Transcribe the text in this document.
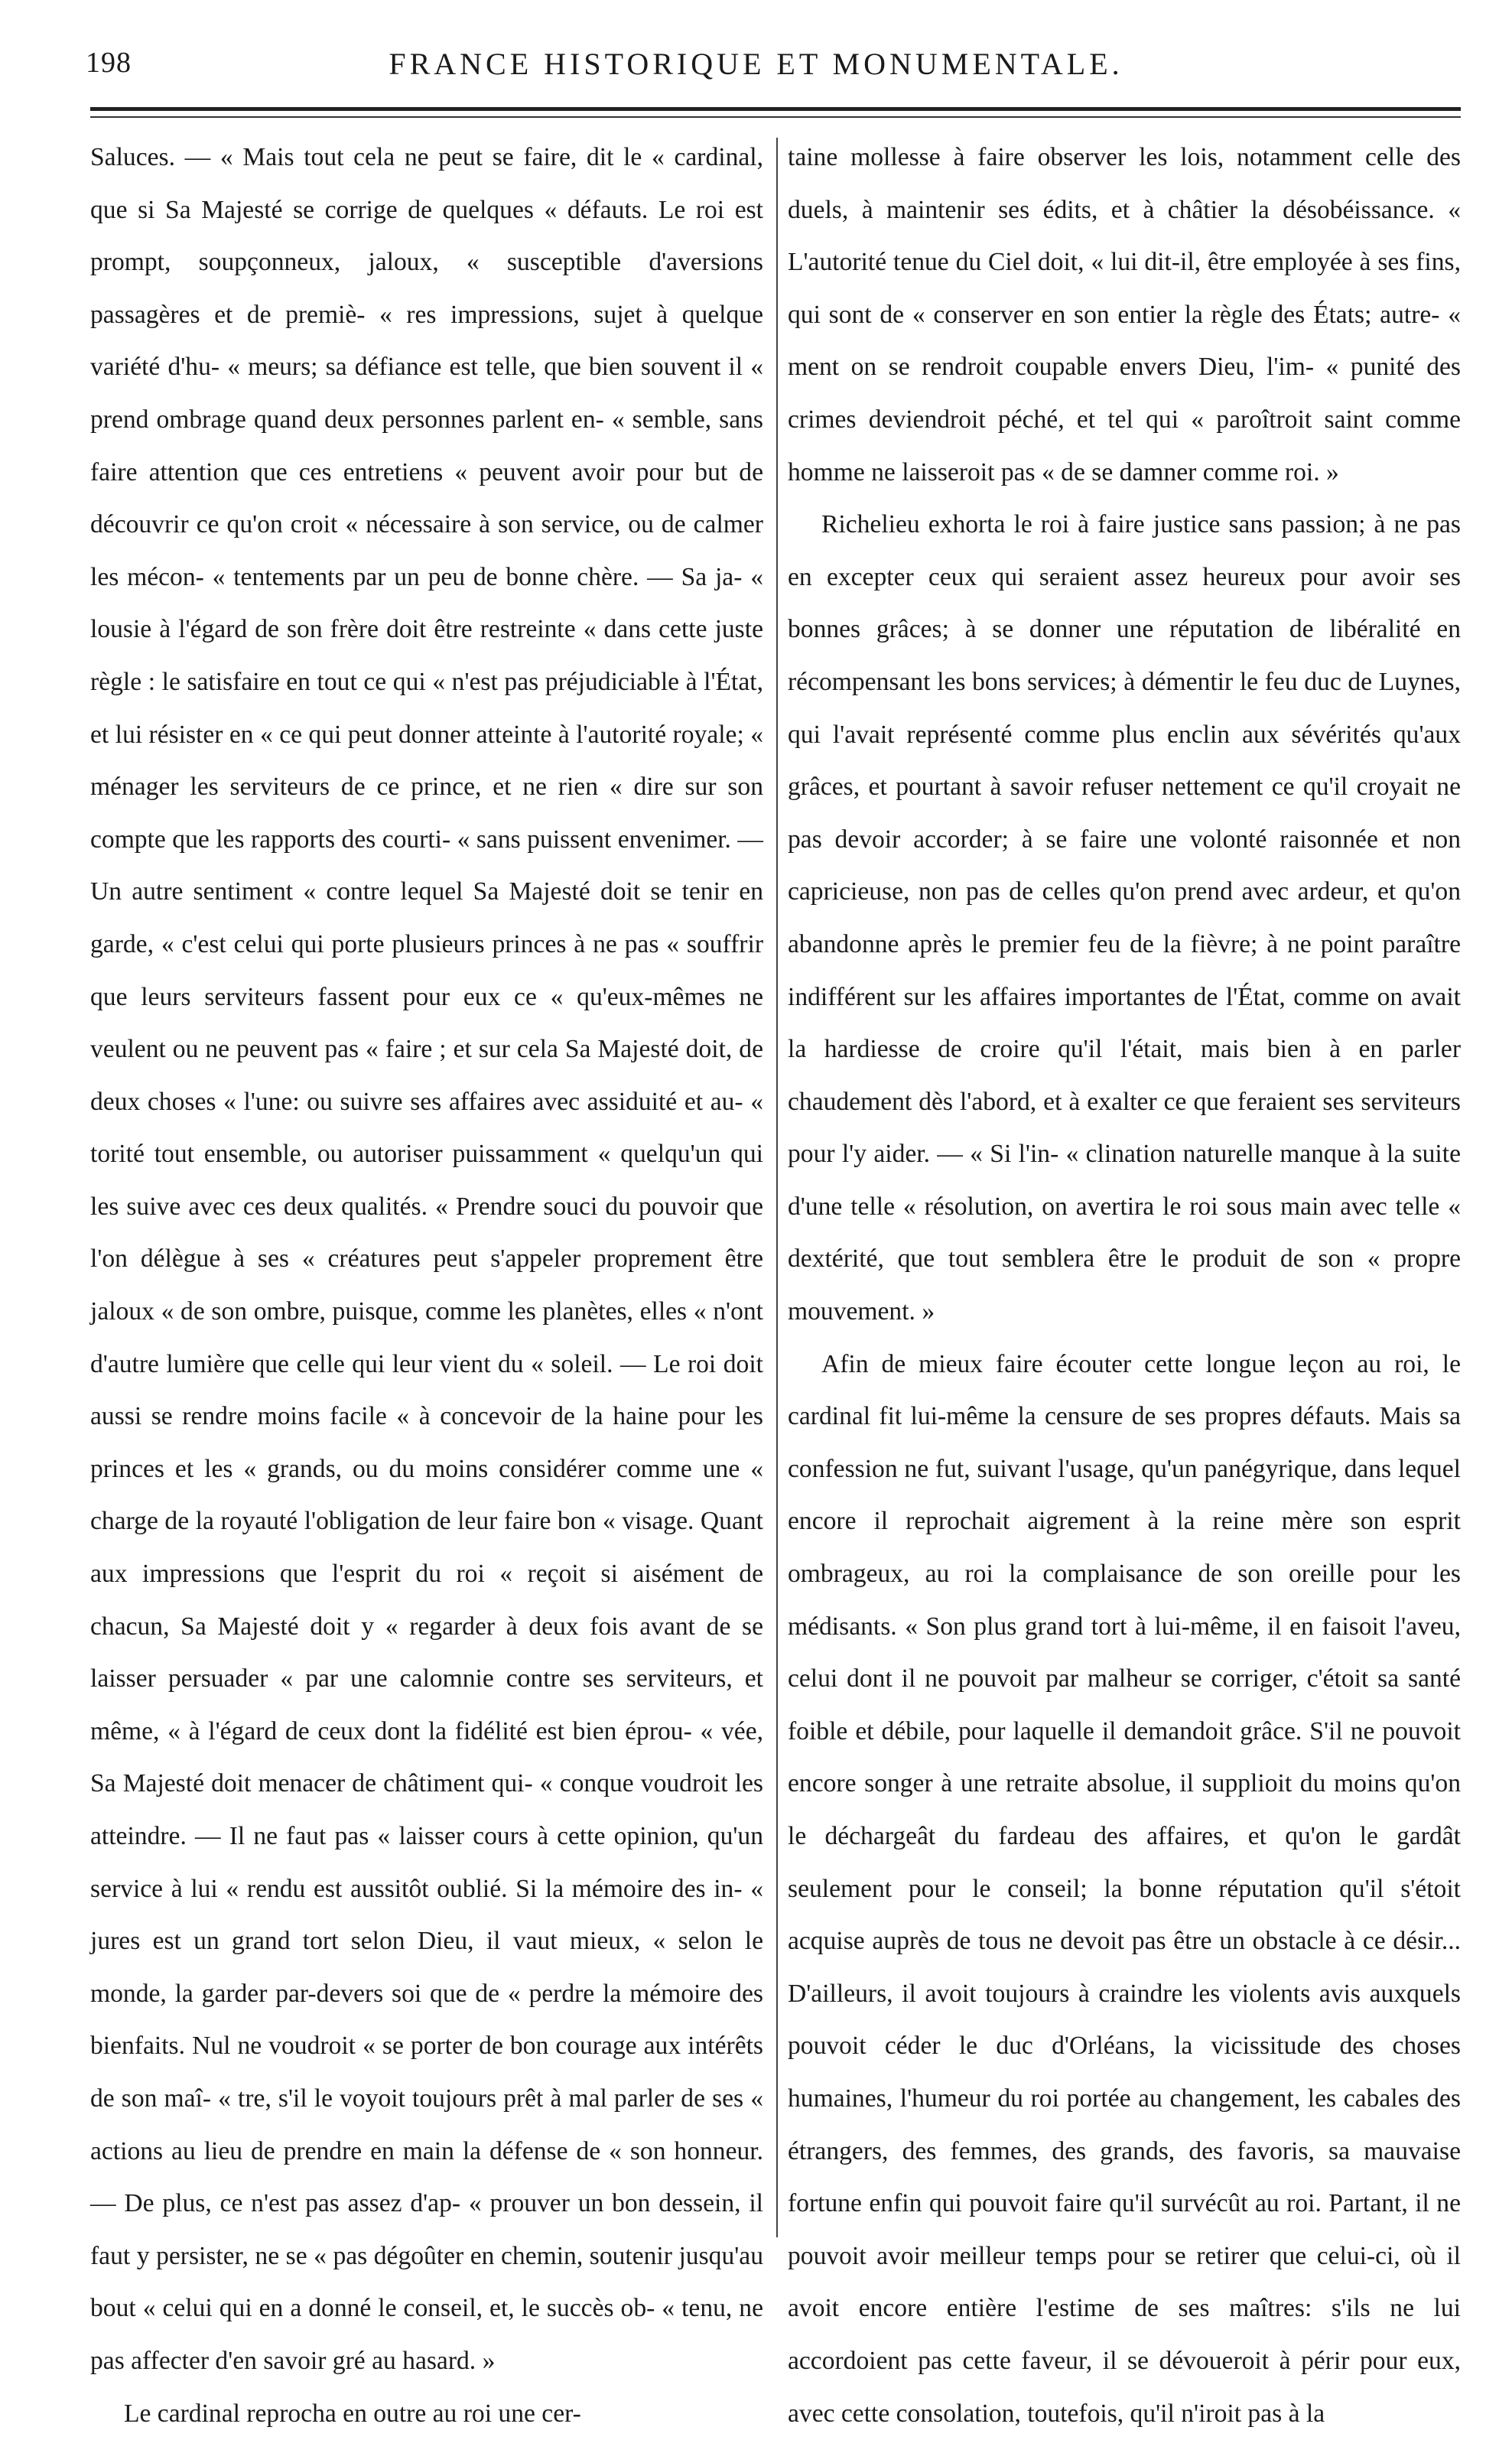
198	FRANCE HISTORIQUE ET MONUMENTALE.

Saluces. — « Mais tout cela ne peut se faire, dit le « cardinal, que si Sa Majesté se corrige de quelques « défauts. Le roi est prompt, soupçonneux, jaloux, « susceptible d'aversions passagères et de premiè- « res impressions, sujet à quelque variété d'hu- « meurs; sa défiance est telle, que bien souvent il « prend ombrage quand deux personnes parlent en- « semble, sans faire attention que ces entretiens « peuvent avoir pour but de découvrir ce qu'on croit « nécessaire à son service, ou de calmer les mécon- « tentements par un peu de bonne chère. — Sa ja- « lousie à l'égard de son frère doit être restreinte « dans cette juste règle : le satisfaire en tout ce qui « n'est pas préjudiciable à l'État, et lui résister en « ce qui peut donner atteinte à l'autorité royale; « ménager les serviteurs de ce prince, et ne rien « dire sur son compte que les rapports des courti- « sans puissent envenimer. — Un autre sentiment « contre lequel Sa Majesté doit se tenir en garde, « c'est celui qui porte plusieurs princes à ne pas « souffrir que leurs serviteurs fassent pour eux ce « qu'eux-mêmes ne veulent ou ne peuvent pas « faire ; et sur cela Sa Majesté doit, de deux choses « l'une: ou suivre ses affaires avec assiduité et au- « torité tout ensemble, ou autoriser puissamment « quelqu'un qui les suive avec ces deux qualités. « Prendre souci du pouvoir que l'on délègue à ses « créatures peut s'appeler proprement être jaloux « de son ombre, puisque, comme les planètes, elles « n'ont d'autre lumière que celle qui leur vient du « soleil. — Le roi doit aussi se rendre moins facile « à concevoir de la haine pour les princes et les « grands, ou du moins considérer comme une « charge de la royauté l'obligation de leur faire bon « visage. Quant aux impressions que l'esprit du roi « reçoit si aisément de chacun, Sa Majesté doit y « regarder à deux fois avant de se laisser persuader « par une calomnie contre ses serviteurs, et même, « à l'égard de ceux dont la fidélité est bien éprou- « vée, Sa Majesté doit menacer de châtiment qui- « conque voudroit les atteindre. — Il ne faut pas « laisser cours à cette opinion, qu'un service à lui « rendu est aussitôt oublié. Si la mémoire des in- « jures est un grand tort selon Dieu, il vaut mieux, « selon le monde, la garder par-devers soi que de « perdre la mémoire des bienfaits. Nul ne voudroit « se porter de bon courage aux intérêts de son maî- « tre, s'il le voyoit toujours prêt à mal parler de ses « actions au lieu de prendre en main la défense de « son honneur. — De plus, ce n'est pas assez d'ap- « prouver un bon dessein, il faut y persister, ne se « pas dégoûter en chemin, soutenir jusqu'au bout « celui qui en a donné le conseil, et, le succès ob- « tenu, ne pas affecter d'en savoir gré au hasard. »

Le cardinal reprocha en outre au roi une cer-

taine mollesse à faire observer les lois, notamment celle des duels, à maintenir ses édits, et à châtier la désobéissance. « L'autorité tenue du Ciel doit, « lui dit-il, être employée à ses fins, qui sont de « conserver en son entier la règle des États; autre- « ment on se rendroit coupable envers Dieu, l'im- « punité des crimes deviendroit péché, et tel qui « paroîtroit saint comme homme ne laisseroit pas « de se damner comme roi. »

Richelieu exhorta le roi à faire justice sans passion; à ne pas en excepter ceux qui seraient assez heureux pour avoir ses bonnes grâces; à se donner une réputation de libéralité en récompensant les bons services; à démentir le feu duc de Luynes, qui l'avait représenté comme plus enclin aux sévérités qu'aux grâces, et pourtant à savoir refuser nettement ce qu'il croyait ne pas devoir accorder; à se faire une volonté raisonnée et non capricieuse, non pas de celles qu'on prend avec ardeur, et qu'on abandonne après le premier feu de la fièvre; à ne point paraître indifférent sur les affaires importantes de l'État, comme on avait la hardiesse de croire qu'il l'était, mais bien à en parler chaudement dès l'abord, et à exalter ce que feraient ses serviteurs pour l'y aider. — « Si l'in- « clination naturelle manque à la suite d'une telle « résolution, on avertira le roi sous main avec telle « dextérité, que tout semblera être le produit de son « propre mouvement. »

Afin de mieux faire écouter cette longue leçon au roi, le cardinal fit lui-même la censure de ses propres défauts. Mais sa confession ne fut, suivant l'usage, qu'un panégyrique, dans lequel encore il reprochait aigrement à la reine mère son esprit ombrageux, au roi la complaisance de son oreille pour les médisants. « Son plus grand tort à lui-même, il en faisoit l'aveu, celui dont il ne pouvoit par malheur se corriger, c'étoit sa santé foible et débile, pour laquelle il demandoit grâce. S'il ne pouvoit encore songer à une retraite absolue, il supplioit du moins qu'on le déchargeât du fardeau des affaires, et qu'on le gardât seulement pour le conseil; la bonne réputation qu'il s'étoit acquise auprès de tous ne devoit pas être un obstacle à ce désir... D'ailleurs, il avoit toujours à craindre les violents avis auxquels pouvoit céder le duc d'Orléans, la vicissitude des choses humaines, l'humeur du roi portée au changement, les cabales des étrangers, des femmes, des grands, des favoris, sa mauvaise fortune enfin qui pouvoit faire qu'il survécût au roi. Partant, il ne pouvoit avoir meilleur temps pour se retirer que celui-ci, où il avoit encore entière l'estime de ses maîtres: s'ils ne lui accordoient pas cette faveur, il se dévoueroit à périr pour eux, avec cette consolation, toutefois, qu'il n'iroit pas à la
